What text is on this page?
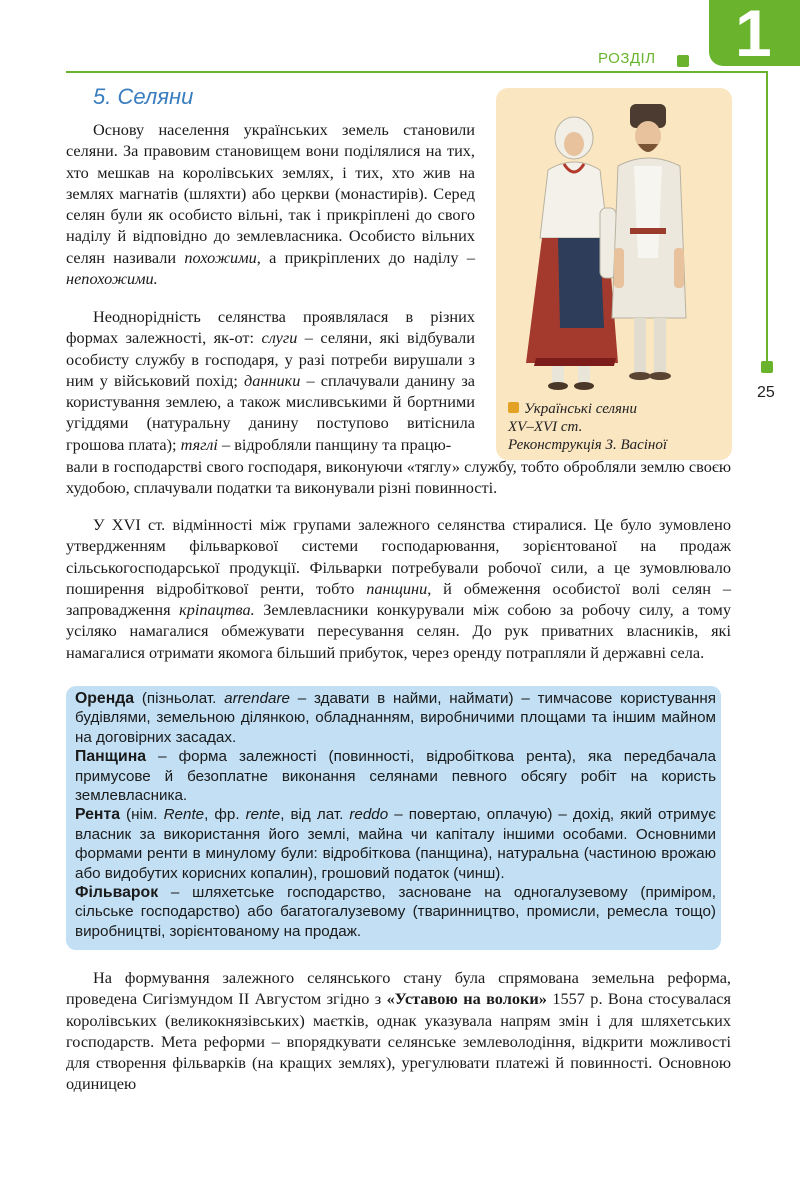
РОЗДІЛ 1
25
5. Селяни
Українські селяни
XV–XVI ст.
Реконструкція З. Васіної

Основу населення українських земель становили селяни. За правовим становищем вони поділялися на тих, хто мешкав на королівських землях, і тих, хто жив на землях магнатів (шляхти) або церкви (монастирів). Серед селян були як особисто вільні, так і прикріплені до свого наділу й відповідно до землевласника. Особисто вільних селян називали похожими, а прикріплених до наділу – непохожими.

Неоднорідність селянства проявлялася в різних формах залежності, як-от: слуги – селяни, які відбували особисту службу в господаря, у разі потреби вирушали з ним у військовий похід; данники – сплачували данину за користування землею, а також мисливськими й бортними угіддями (натуральну данину поступово витіснила грошова плата); тяглі – відробляли панщину та працю-

вали в господарстві свого господаря, виконуючи «тяглу» службу, тобто обробляли землю своєю худобою, сплачували податки та виконували різні повинності.

У XVI ст. відмінності між групами залежного селянства стиралися. Це було зумовлено утвердженням фільваркової системи господарювання, зорієнтованої на продаж сільськогосподарської продукції. Фільварки потребували робочої сили, а це зумовлювало поширення відробіткової ренти, тобто панщини, й обмеження особистої волі селян – запровадження кріпацтва. Землевласники конкурували між собою за робочу силу, а тому усіляко намагалися обмежувати пересування селян. До рук приватних власників, які намагалися отримати якомога більший прибуток, через оренду потрапляли й державні села.

Оренда (пізньолат. arrendare – здавати в найми, наймати) – тимчасове користування будівлями, земельною ділянкою, обладнанням, виробничими площами та іншим майном на договірних засадах.

Панщина – форма залежності (повинності, відробіткова рента), яка передбачала примусове й безоплатне виконання селянами певного обсягу робіт на користь землевласника.

Рента (нім. Rente, фр. rente, від лат. reddo – повертаю, оплачую) – дохід, який отримує власник за використання його землі, майна чи капіталу іншими особами. Основними формами ренти в минулому були: відробіткова (панщина), натуральна (частиною врожаю або видобутих корисних копалин), грошовий податок (чинш).

Фільварок – шляхетське господарство, засноване на одногалузевому (приміром, сільське господарство) або багатогалузевому (тваринництво, промисли, ремесла тощо) виробництві, зорієнтованому на продаж.

На формування залежного селянського стану була спрямована земельна реформа, проведена Сигізмундом ІІ Августом згідно з «Уставою на волоки» 1557 р. Вона стосувалася королівських (великокнязівських) маєтків, однак указувала напрям змін і для шляхетських господарств. Мета реформи – впорядкувати селянське землеволодіння, відкрити можливості для створення фільварків (на кращих землях), урегулювати платежі й повинності. Основною одиницею
